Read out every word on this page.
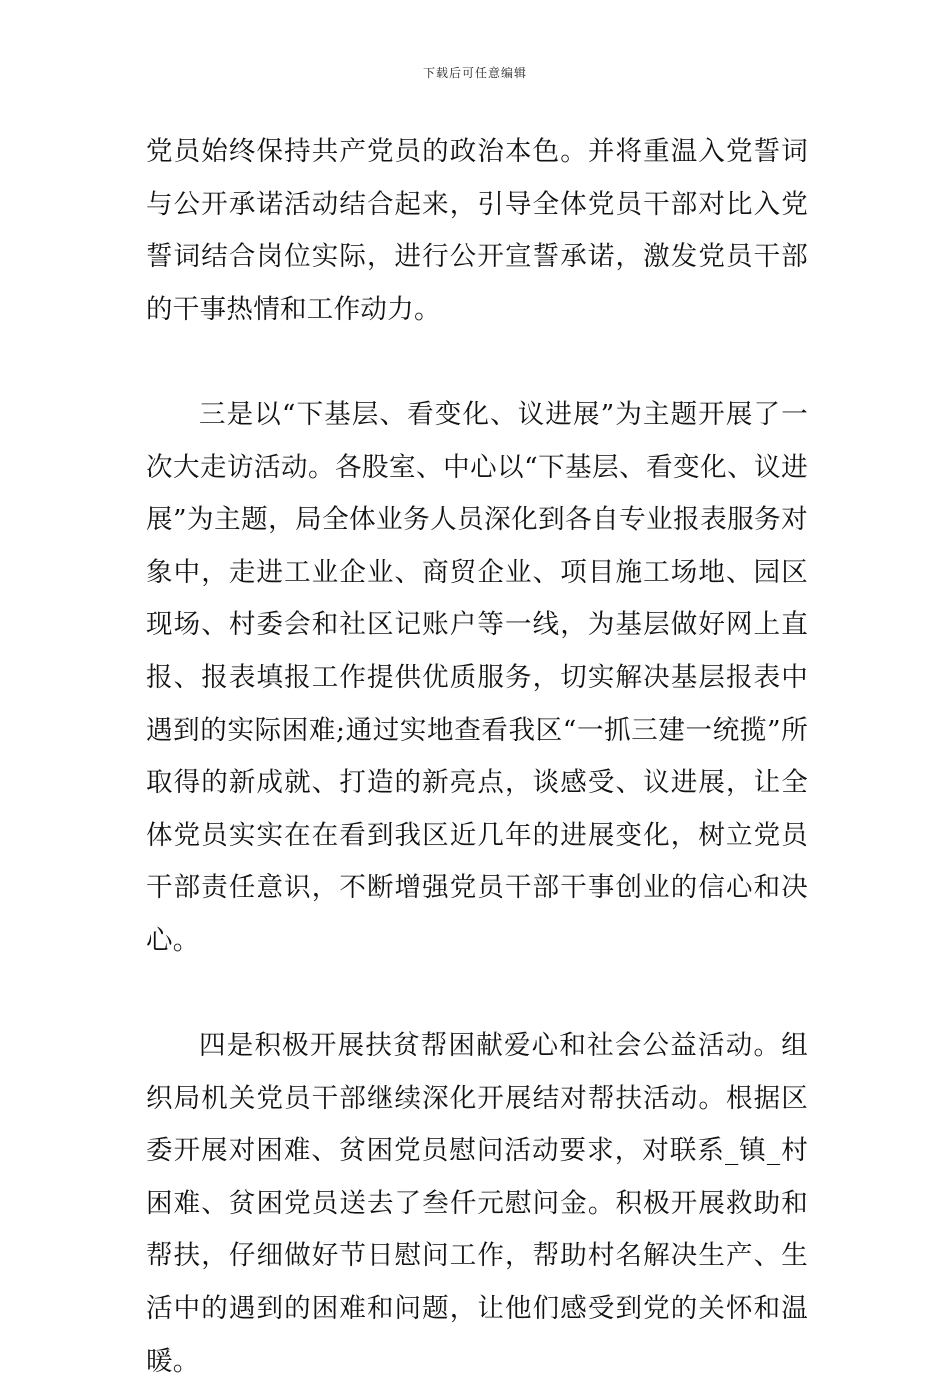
下载后可任意编辑

党员始终保持共产党员的政治本色。并将重温入党誓词与公开承诺活动结合起来，引导全体党员干部对比入党誓词结合岗位实际，进行公开宣誓承诺，激发党员干部的干事热情和工作动力。

三是以“下基层、看变化、议进展”为主题开展了一次大走访活动。各股室、中心以“下基层、看变化、议进展”为主题，局全体业务人员深化到各自专业报表服务对象中，走进工业企业、商贸企业、项目施工场地、园区现场、村委会和社区记账户等一线，为基层做好网上直报、报表填报工作提供优质服务，切实解决基层报表中遇到的实际困难;通过实地查看我区“一抓三建一统揽”所取得的新成就、打造的新亮点，谈感受、议进展，让全体党员实实在在看到我区近几年的进展变化，树立党员干部责任意识，不断增强党员干部干事创业的信心和决心。

四是积极开展扶贫帮困献爱心和社会公益活动。组织局机关党员干部继续深化开展结对帮扶活动。根据区委开展对困难、贫困党员慰问活动要求，对联系_镇_村困难、贫困党员送去了叁仟元慰问金。积极开展救助和帮扶，仔细做好节日慰问工作，帮助村名解决生产、生活中的遇到的困难和问题，让他们感受到党的关怀和温暖。
